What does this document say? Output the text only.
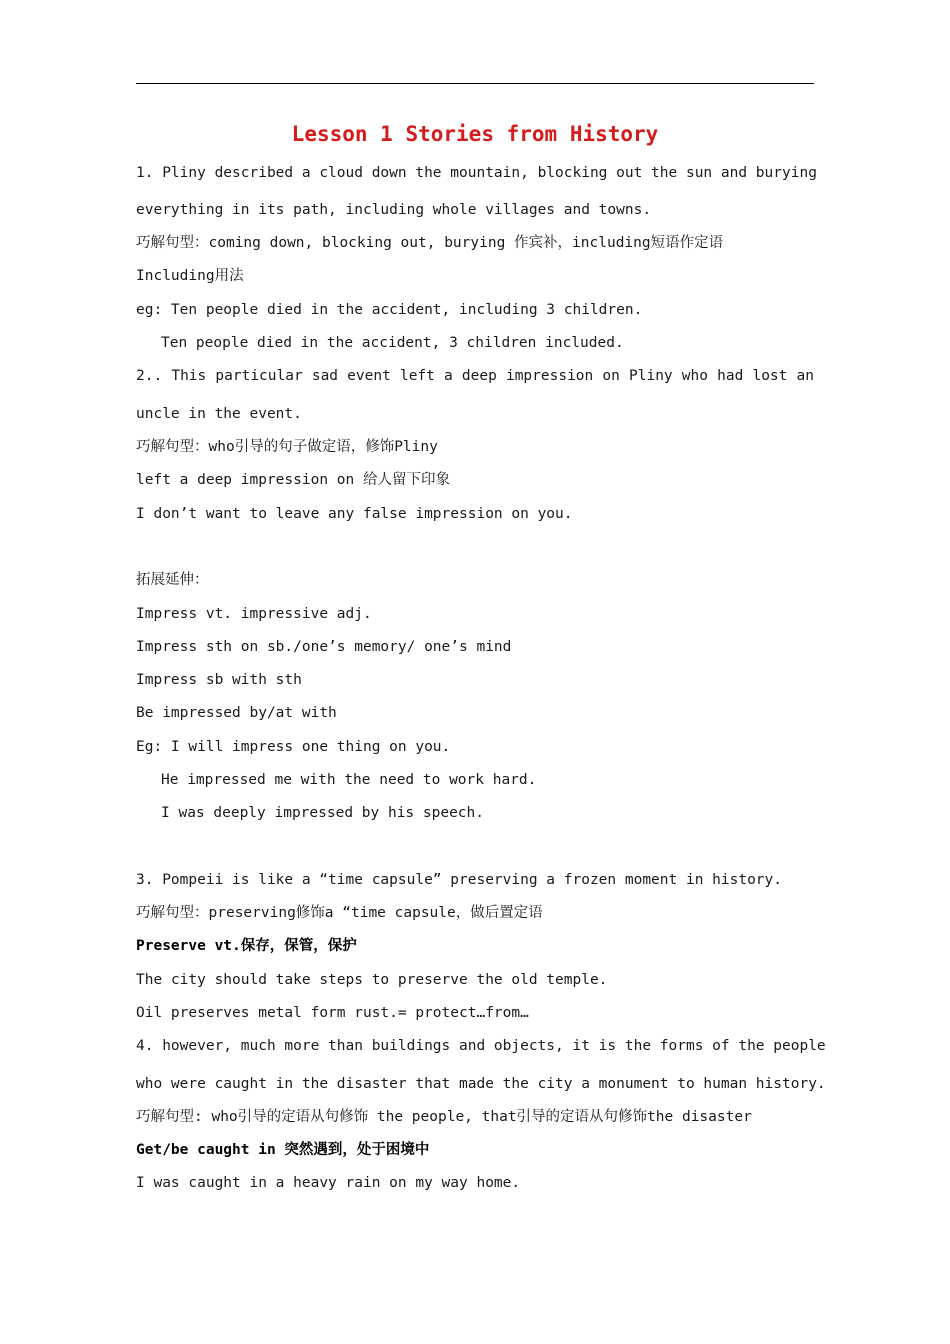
Lesson 1 Stories from History
1. Pliny described a cloud down the mountain, blocking out the sun and burying
everything in its path, including whole villages and towns.
巧解句型：coming down, blocking out, burying 作宾补，including短语作定语
Including用法
eg: Ten people died in the accident, including 3 children.
Ten people died in the accident, 3 children included.
2.. This particular sad event left a deep impression on Pliny who had lost an
uncle in the event.
巧解句型：who引导的句子做定语，修饰Pliny
left a deep impression on 给人留下印象
I don’t want to leave any false impression on you.
拓展延伸：
Impress vt. impressive adj.
Impress sth on sb./one’s memory/ one’s mind
Impress sb with sth
Be impressed by/at with
Eg: I will impress one thing on you.
He impressed me with the need to work hard.
I was deeply impressed by his speech.
3. Pompeii is like a “time capsule” preserving a frozen moment in history.
巧解句型：preserving修饰a “time capsule，做后置定语
Preserve vt.保存，保管，保护
The city should take steps to preserve the old temple.
Oil preserves metal form rust.= protect…from…
4. however, much more than buildings and objects, it is the forms of the people
who were caught in the disaster that made the city a monument to human history.
巧解句型: who引导的定语从句修饰 the people, that引导的定语从句修饰the disaster
Get/be caught in 突然遇到，处于困境中
I was caught in a heavy rain on my way home.
